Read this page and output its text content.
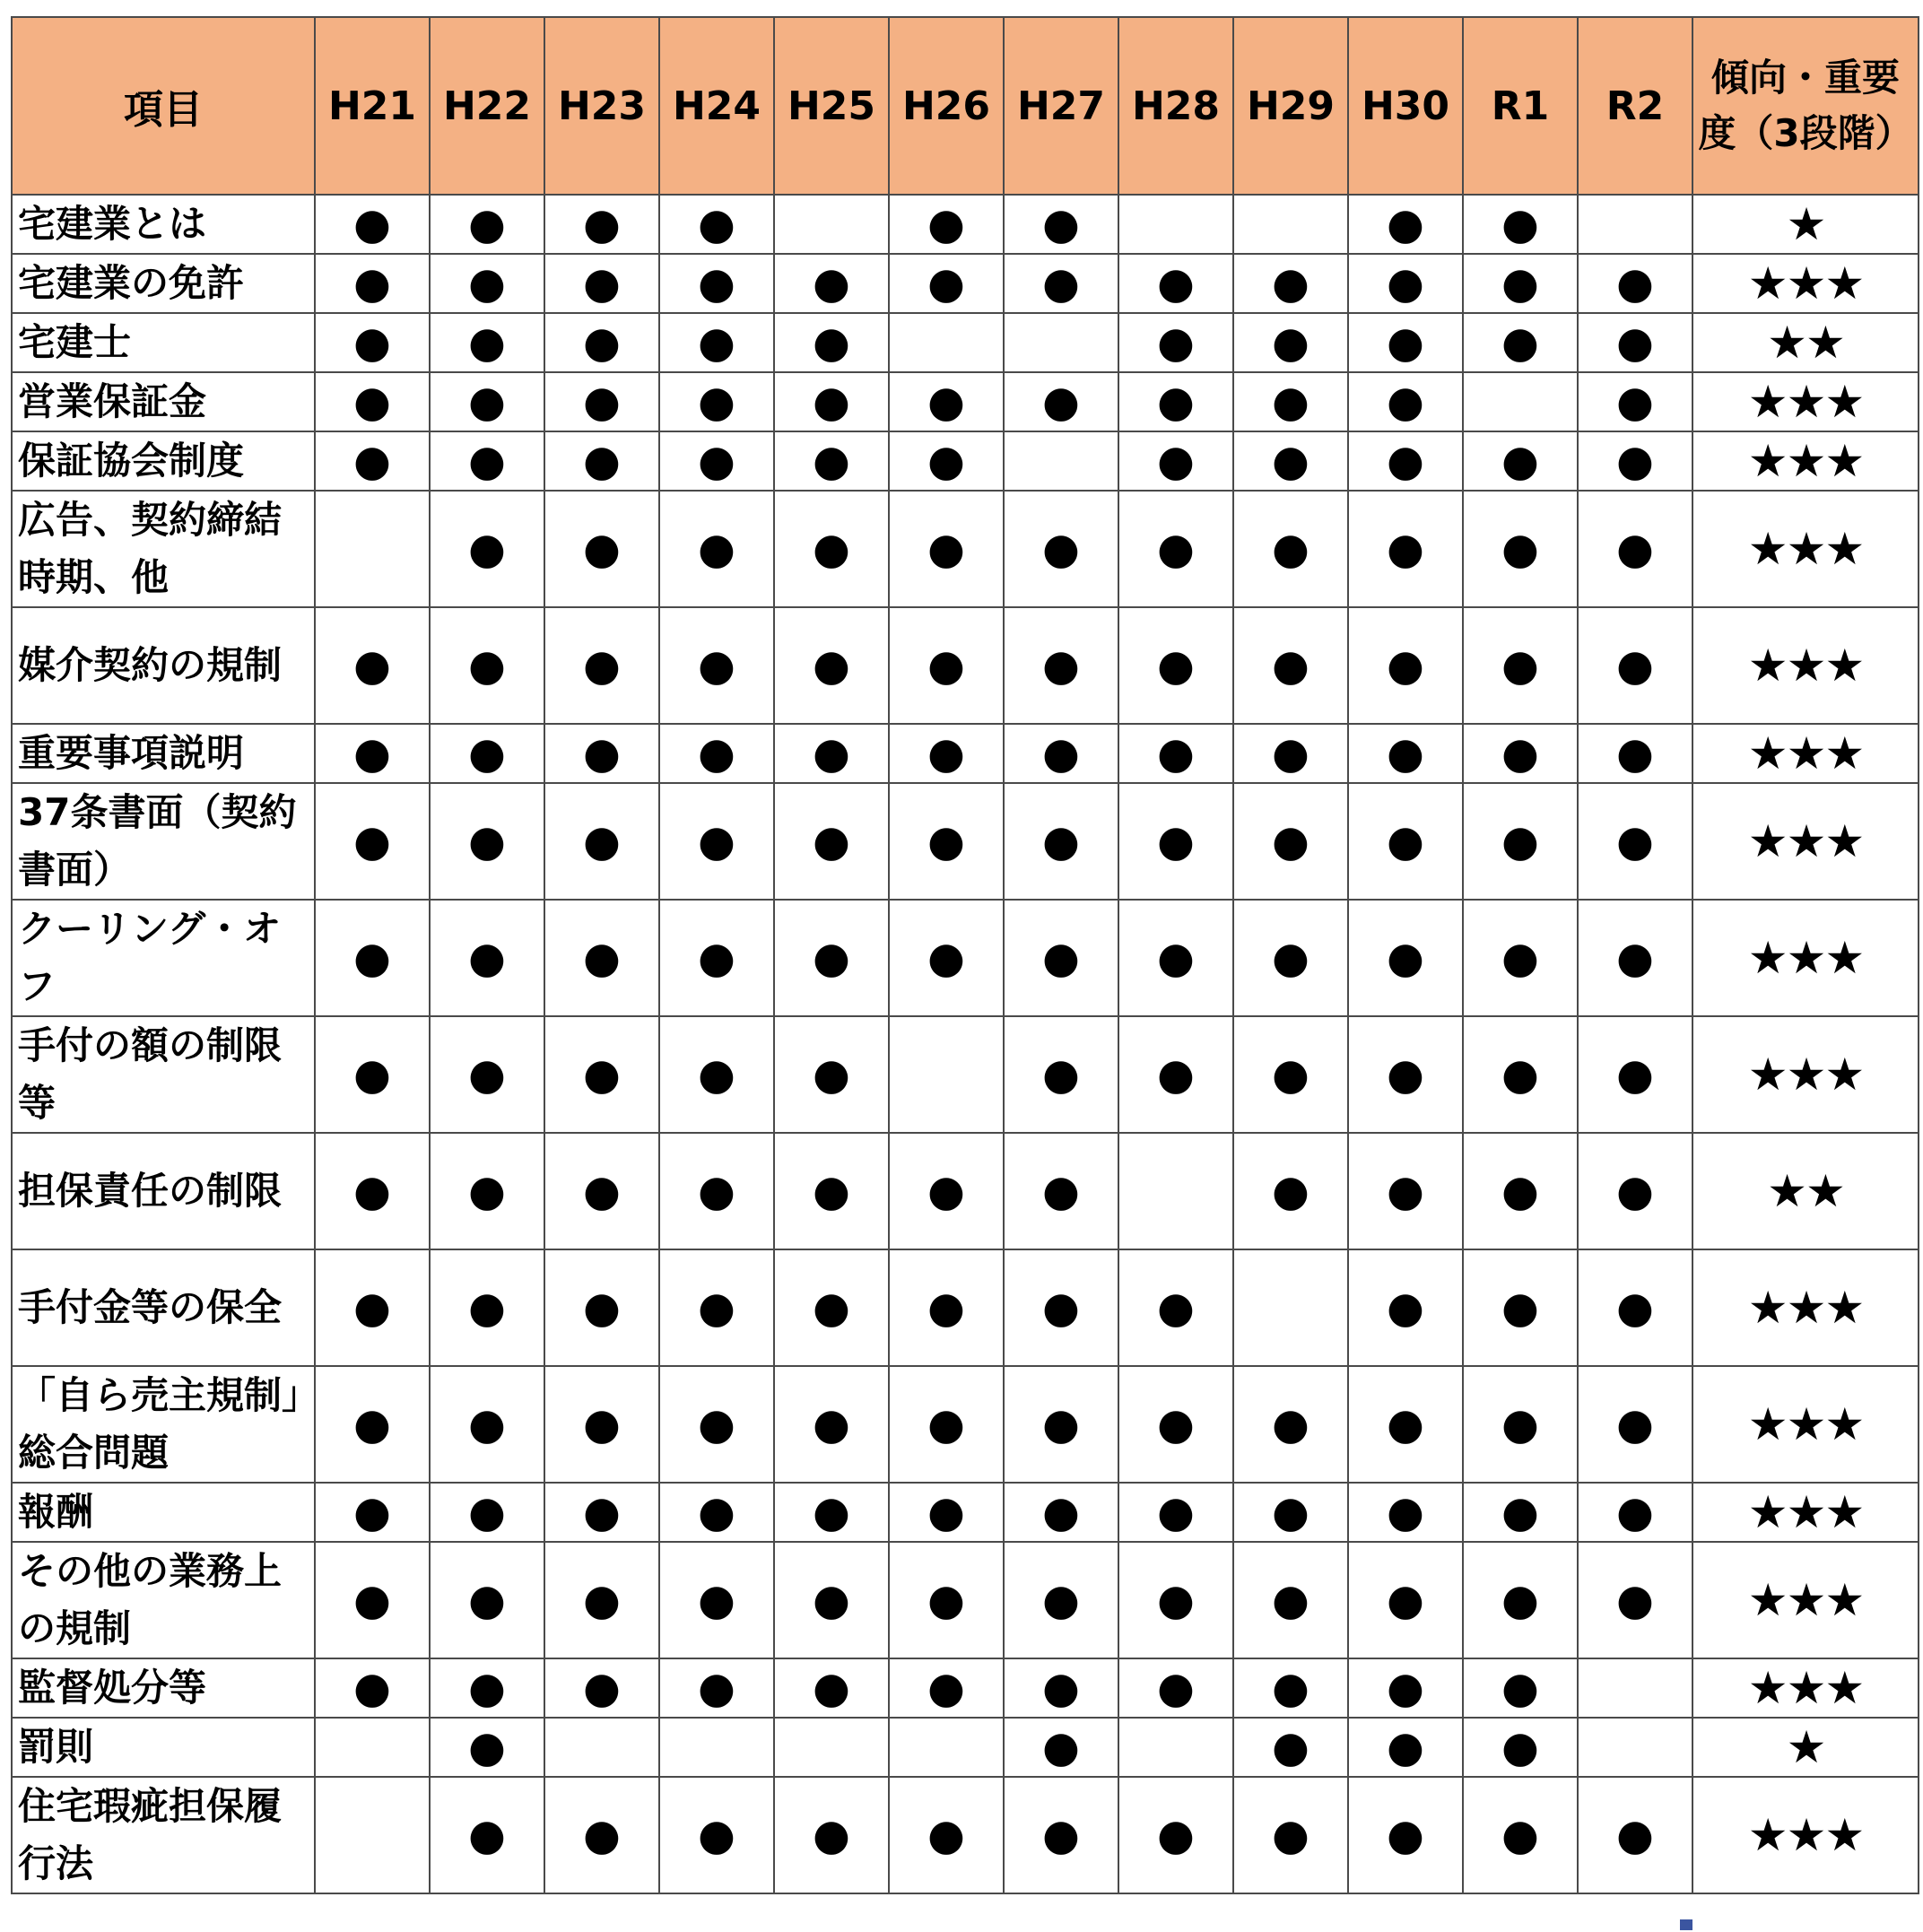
項目	H21	H22	H23	H24	H25	H26	H27	H28	H29	H30	R1	R2	傾向・重要度（3段階）
宅建業とは	●	●	●	●		●	●			●	●		★
宅建業の免許	●	●	●	●	●	●	●	●	●	●	●	●	★★★
宅建士	●	●	●	●	●			●	●	●	●	●	★★
営業保証金	●	●	●	●	●	●	●	●	●	●		●	★★★
保証協会制度	●	●	●	●	●	●		●	●	●	●	●	★★★
広告、契約締結時期、他		●	●	●	●	●	●	●	●	●	●	●	★★★
媒介契約の規制	●	●	●	●	●	●	●	●	●	●	●	●	★★★
重要事項説明	●	●	●	●	●	●	●	●	●	●	●	●	★★★
37条書面（契約書面）	●	●	●	●	●	●	●	●	●	●	●	●	★★★
クーリング・オフ	●	●	●	●	●	●	●	●	●	●	●	●	★★★
手付の額の制限等	●	●	●	●	●		●	●	●	●	●	●	★★★
担保責任の制限	●	●	●	●	●	●	●		●	●	●	●	★★
手付金等の保全	●	●	●	●	●	●	●	●		●	●	●	★★★
「自ら売主規制」総合問題	●	●	●	●	●	●	●	●	●	●	●	●	★★★
報酬	●	●	●	●	●	●	●	●	●	●	●	●	★★★
その他の業務上の規制	●	●	●	●	●	●	●	●	●	●	●	●	★★★
監督処分等	●	●	●	●	●	●	●	●	●	●	●		★★★
罰則		●					●		●	●	●		★
住宅瑕疵担保履行法		●	●	●	●	●	●	●	●	●	●	●	★★★
